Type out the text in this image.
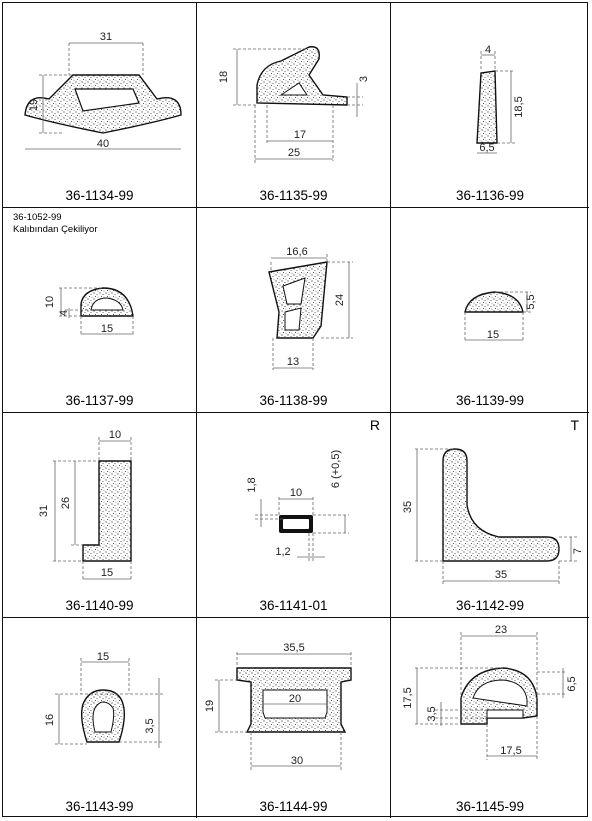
31
19
40
36-1134-99
18	3
17
25
36-1135-99
4
18,5
6,5
36-1136-99
36-1052-99
Kalıbından Çekiliyor
10
4
15
36-1137-99
16,6
24
13
36-1138-99
5,5
15
36-1139-99
10
31
26
15
36-1140-99
R
1,8
10
6 (+0,5)
1,2
36-1141-01
T
35
7
35
36-1142-99
15
16	3,5
36-1143-99
35,5
19
20
30
36-1144-99
23
17,5
6,5
3,5
17,5
36-1145-99
